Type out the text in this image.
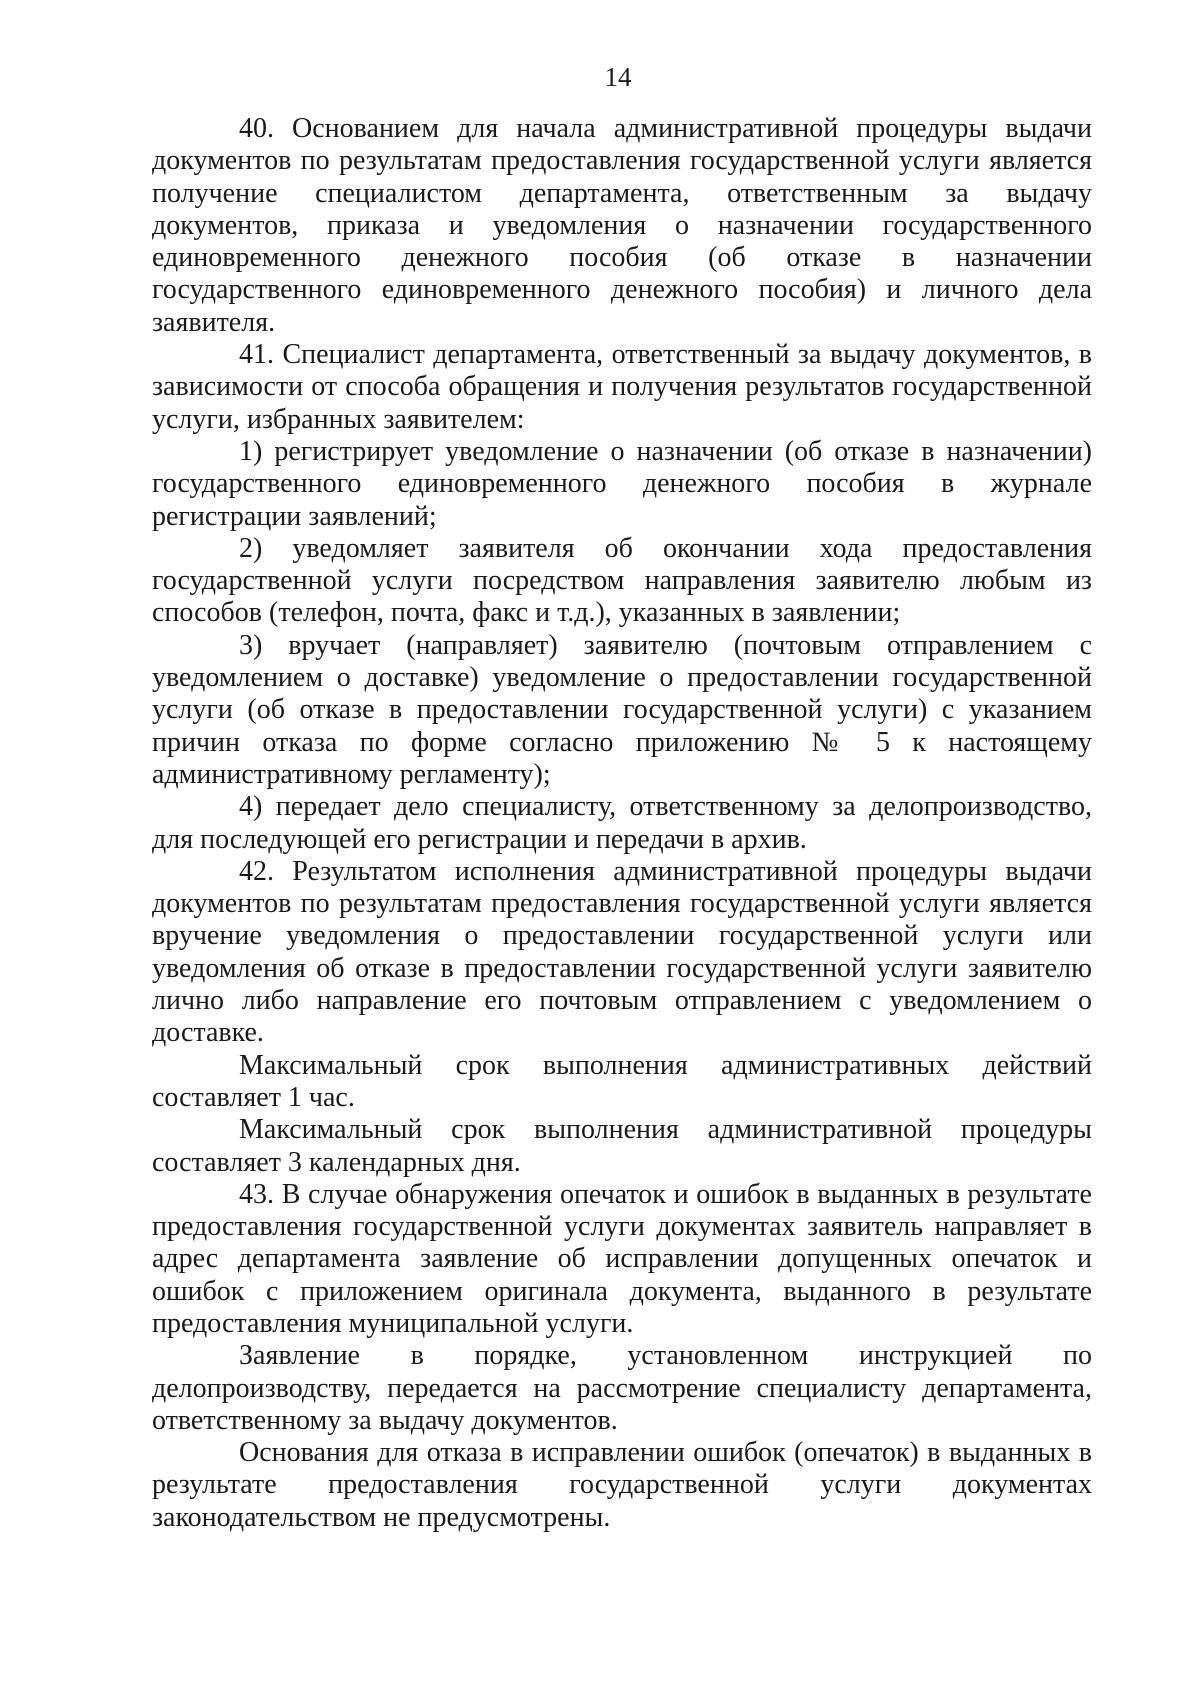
14

40. Основанием для начала административной процедуры выдачи документов по результатам предоставления государственной услуги является получение специалистом департамента, ответственным за выдачу документов, приказа и уведомления о назначении государственного единовременного денежного пособия (об отказе в назначении государственного единовременного денежного пособия) и личного дела заявителя.

41. Специалист департамента, ответственный за выдачу документов, в зависимости от способа обращения и получения результатов государственной услуги, избранных заявителем:

1) регистрирует уведомление о назначении (об отказе в назначении) государственного единовременного денежного пособия в журнале регистрации заявлений;

2) уведомляет заявителя об окончании хода предоставления государственной услуги посредством направления заявителю любым из способов (телефон, почта, факс и т.д.), указанных в заявлении;

3) вручает (направляет) заявителю (почтовым отправлением с уведомлением о доставке) уведомление о предоставлении государственной услуги (об отказе в предоставлении государственной услуги) с указанием причин отказа по форме согласно приложению № 5 к настоящему административному регламенту);

4) передает дело специалисту, ответственному за делопроизводство, для последующей его регистрации и передачи в архив.

42. Результатом исполнения административной процедуры выдачи документов по результатам предоставления государственной услуги является вручение уведомления о предоставлении государственной услуги или уведомления об отказе в предоставлении государственной услуги заявителю лично либо направление его почтовым отправлением с уведомлением о доставке.

Максимальный срок выполнения административных действий составляет 1 час.

Максимальный срок выполнения административной процедуры составляет 3 календарных дня.

43. В случае обнаружения опечаток и ошибок в выданных в результате предоставления государственной услуги документах заявитель направляет в адрес департамента заявление об исправлении допущенных опечаток и ошибок с приложением оригинала документа, выданного в результате предоставления муниципальной услуги.

Заявление в порядке, установленном инструкцией по делопроизводству, передается на рассмотрение специалисту департамента, ответственному за выдачу документов.

Основания для отказа в исправлении ошибок (опечаток) в выданных в результате предоставления государственной услуги документах законодательством не предусмотрены.
